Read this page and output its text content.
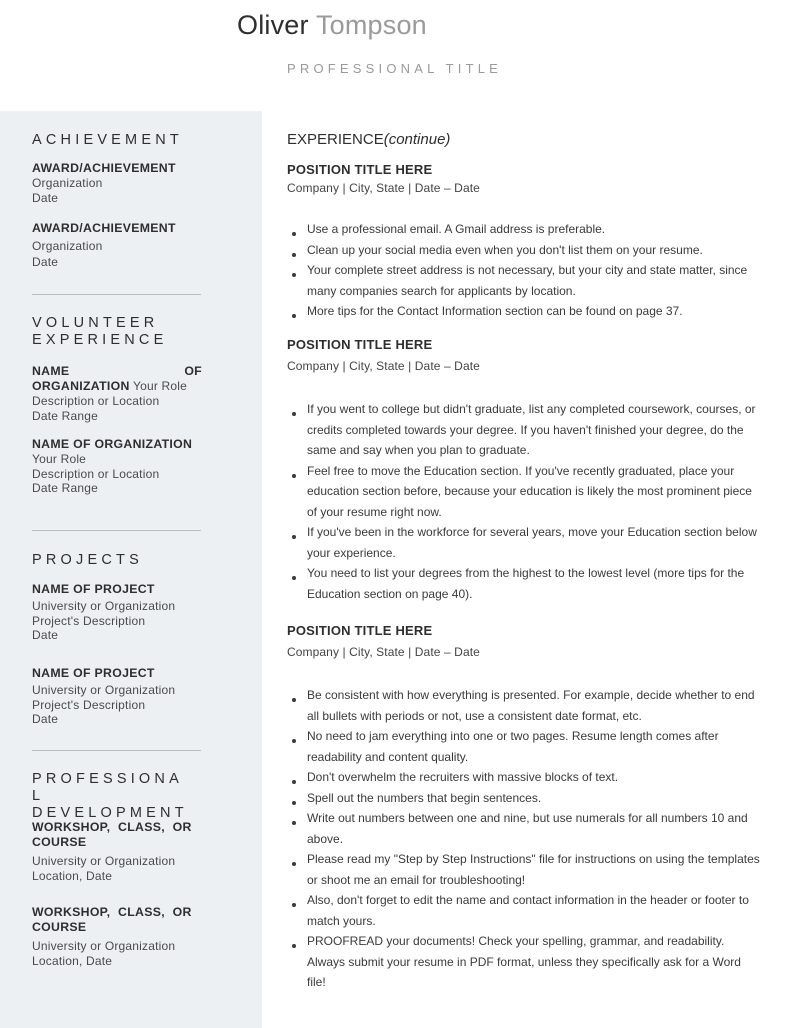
Oliver Tompson
PROFESSIONAL TITLE
ACHIEVEMENT
AWARD/ACHIEVEMENT
Organization
Date
AWARD/ACHIEVEMENT
Organization
Date
VOLUNTEER
EXPERIENCE
NAME	OF
ORGANIZATION Your Role
Description or Location
Date Range
NAME OF ORGANIZATION
Your Role
Description or Location
Date Range
PROJECTS
NAME OF PROJECT
University or Organization
Project's Description
Date
NAME OF PROJECT
University or Organization
Project's Description
Date
PROFESSIONA
L
DEVELOPMENT
WORKSHOP, CLASS, OR
COURSE
University or Organization
Location, Date
WORKSHOP, CLASS, OR
COURSE
University or Organization
Location, Date
EXPERIENCE(continue)
POSITION TITLE HERE
Company | City, State | Date – Date
Use a professional email. A Gmail address is preferable.
Clean up your social media even when you don't list them on your resume.
Your complete street address is not necessary, but your city and state matter, since many companies search for applicants by location.
More tips for the Contact Information section can be found on page 37.
POSITION TITLE HERE
Company | City, State | Date – Date
If you went to college but didn't graduate, list any completed coursework, courses, or credits completed towards your degree. If you haven't finished your degree, do the same and say when you plan to graduate.
Feel free to move the Education section. If you've recently graduated, place your education section before, because your education is likely the most prominent piece of your resume right now.
If you've been in the workforce for several years, move your Education section below your experience.
You need to list your degrees from the highest to the lowest level (more tips for the Education section on page 40).
POSITION TITLE HERE
Company | City, State | Date – Date
Be consistent with how everything is presented. For example, decide whether to end all bullets with periods or not, use a consistent date format, etc.
No need to jam everything into one or two pages. Resume length comes after readability and content quality.
Don't overwhelm the recruiters with massive blocks of text.
Spell out the numbers that begin sentences.
Write out numbers between one and nine, but use numerals for all numbers 10 and above.
Please read my "Step by Step Instructions" file for instructions on using the templates or shoot me an email for troubleshooting!
Also, don't forget to edit the name and contact information in the header or footer to match yours.
PROOFREAD your documents! Check your spelling, grammar, and readability. Always submit your resume in PDF format, unless they specifically ask for a Word file!
